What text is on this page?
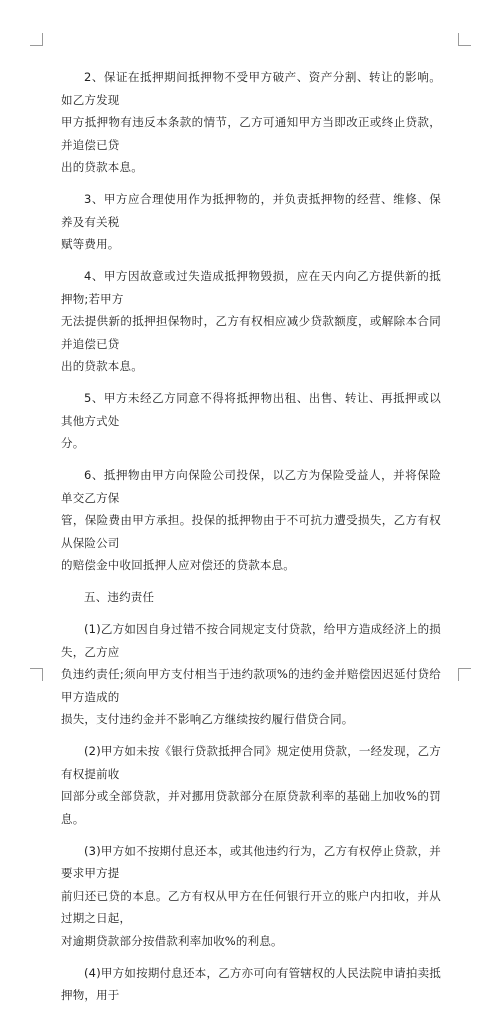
2、保证在抵押期间抵押物不受甲方破产、资产分割、转让的影响。如乙方发现
甲方抵押物有违反本条款的情节，乙方可通知甲方当即改正或终止贷款，并追偿已贷
出的贷款本息。

3、甲方应合理使用作为抵押物的，并负责抵押物的经营、维修、保养及有关税
赋等费用。

4、甲方因故意或过失造成抵押物毁损，应在天内向乙方提供新的抵押物;若甲方
无法提供新的抵押担保物时，乙方有权相应减少贷款额度，或解除本合同并追偿已贷
出的贷款本息。

5、甲方未经乙方同意不得将抵押物出租、出售、转让、再抵押或以其他方式处
分。

6、抵押物由甲方向保险公司投保，以乙方为保险受益人，并将保险单交乙方保
管，保险费由甲方承担。投保的抵押物由于不可抗力遭受损失，乙方有权从保险公司
的赔偿金中收回抵押人应对偿还的贷款本息。

五、违约责任

(1)乙方如因自身过错不按合同规定支付贷款，给甲方造成经济上的损失，乙方应
负违约责任;须向甲方支付相当于违约款项%的违约金并赔偿因迟延付贷给甲方造成的
损失，支付违约金并不影响乙方继续按约履行借贷合同。

(2)甲方如未按《银行贷款抵押合同》规定使用贷款，一经发现，乙方有权提前收
回部分或全部贷款，并对挪用贷款部分在原贷款利率的基础上加收%的罚息。

(3)甲方如不按期付息还本，或其他违约行为，乙方有权停止贷款，并要求甲方提
前归还已贷的本息。乙方有权从甲方在任何银行开立的账户内扣收，并从过期之日起，
对逾期贷款部分按借款利率加收%的利息。

(4)甲方如按期付息还本，乙方亦可向有管辖权的人民法院申请拍卖抵押物，用于
